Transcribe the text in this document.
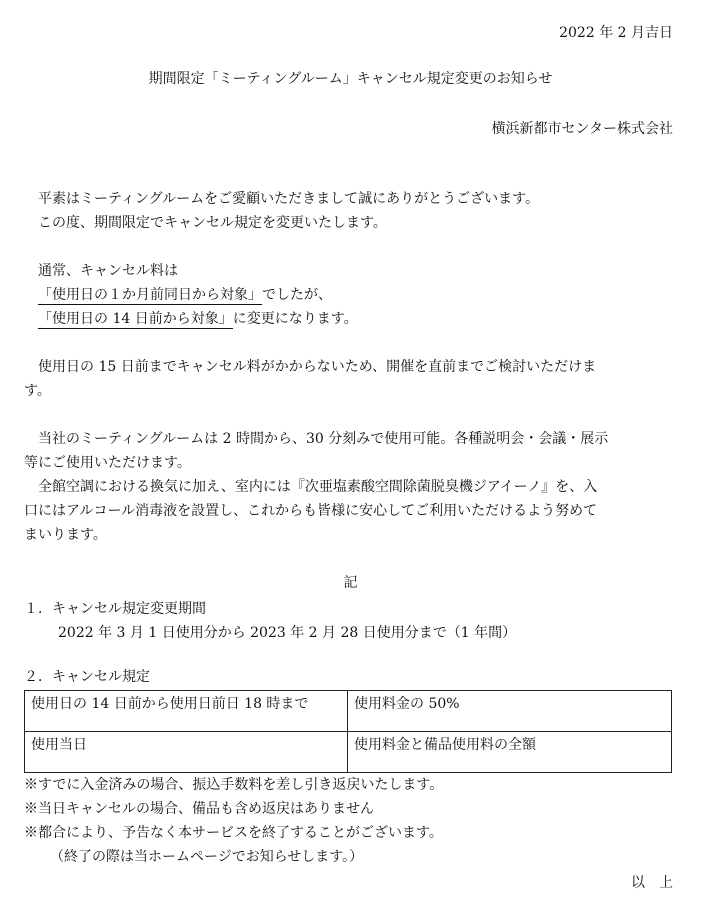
2022 年 2 月吉日
期間限定「ミーティングルーム」キャンセル規定変更のお知らせ
横浜新都市センター株式会社
平素はミーティングルームをご愛顧いただきまして誠にありがとうございます。
この度、期間限定でキャンセル規定を変更いたします。
通常、キャンセル料は
「使用日の１か月前同日から対象」でしたが、
「使用日の 14 日前から対象」に変更になります。
使用日の 15 日前までキャンセル料がかからないため、開催を直前までご検討いただけま
す。
当社のミーティングルームは 2 時間から、30 分刻みで使用可能。各種説明会・会議・展示
等にご使用いただけます。
全館空調における換気に加え、室内には『次亜塩素酸空間除菌脱臭機ジアイーノ』を、入
口にはアルコール消毒液を設置し、これからも皆様に安心してご利用いただけるよう努めて
まいります。
記
１．キャンセル規定変更期間
2022 年 3 月 1 日使用分から 2023 年 2 月 28 日使用分まで（1 年間）
２．キャンセル規定
使用日の 14 日前から使用日前日 18 時まで	使用料金の 50%
使用当日	使用料金と備品使用料の全額
※すでに入金済みの場合、振込手数料を差し引き返戻いたします。
※当日キャンセルの場合、備品も含め返戻はありません
※都合により、予告なく本サービスを終了することがございます。
（終了の際は当ホームページでお知らせします。）
以　上
